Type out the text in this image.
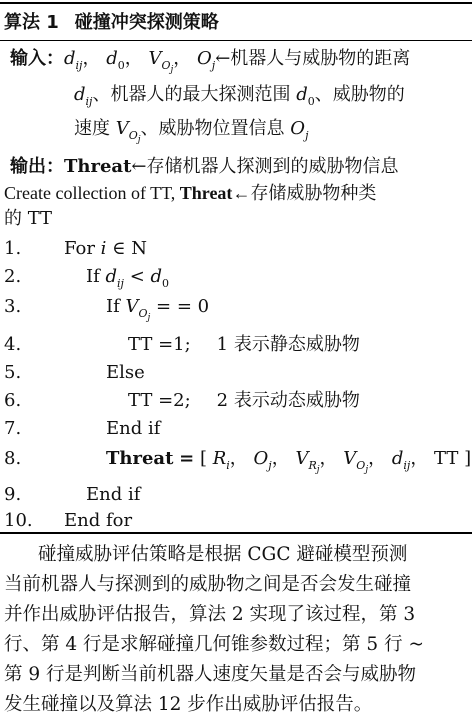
算法 1 碰撞冲突探测策略
输入：$d_{ij}$， $d_0$， $V_{O_j}$， $O_j\leftarrow$机器人与威胁物的距离
$d_{ij}$、机器人的最大探测范围 $d_0$、威胁物的
速度 $V_{O_j}$、威胁物位置信息 $O_j$
输出：Threat←存储机器人探测到的威胁物信息
Create collection of TT, Threat←存储威胁物种类
的 TT
1. For i ∈ N
2.	If $d_{ij} < d_0$
3.	If $V_{O_j}$ = = 0
4.	TT =1; 1 表示静态威胁物
5.	Else
6.	TT =2; 2 表示动态威胁物
7.	End if
8.	Threat = [ $R_i$， $O_j$， $V_{R_j}$， $V_{O_j}$， $d_{ij}$， TT ]
9.	End if
10. End for
碰撞威胁评估策略是根据 CGC 避碰模型预测
当前机器人与探测到的威胁物之间是否会发生碰撞
并作出威胁评估报告，算法 2 实现了该过程，第 3
行、第 4 行是求解碰撞几何锥参数过程；第 5 行 ~
第 9 行是判断当前机器人速度矢量是否会与威胁物
发生碰撞以及算法 12 步作出威胁评估报告。
